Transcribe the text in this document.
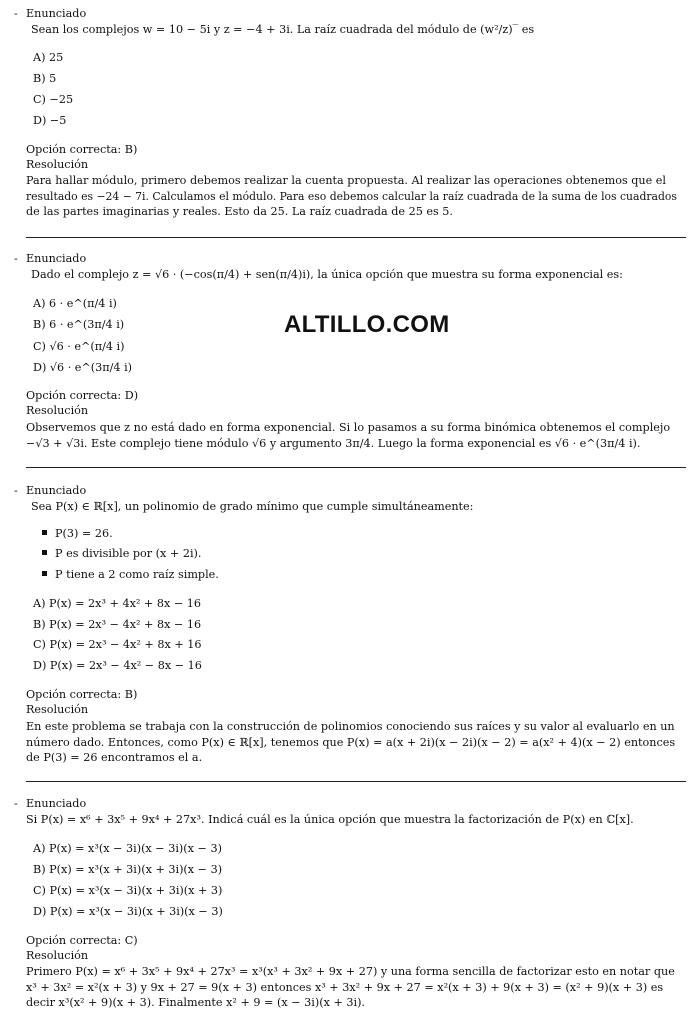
- Enunciado
Sean los complejos w = 10 − 5i y z = −4 + 3i. La raíz cuadrada del módulo de (w²/z)‾ es
A) 25
B) 5
C) −25
D) −5
Opción correcta: B)
Resolución
Para hallar módulo, primero debemos realizar la cuenta propuesta. Al realizar las operaciones obtenemos que el
resultado es −24 − 7i. Calculamos el módulo. Para eso debemos calcular la raíz cuadrada de la suma de los cuadrados
de las partes imaginarias y reales. Esto da 25. La raíz cuadrada de 25 es 5.
- Enunciado
Dado el complejo z = √6 · (−cos(π/4) + sen(π/4)i), la única opción que muestra su forma exponencial es:
A) 6 · e^(π/4 i)
B) 6 · e^(3π/4 i)
C) √6 · e^(π/4 i)
D) √6 · e^(3π/4 i)
ALTILLO.COM
Opción correcta: D)
Resolución
Observemos que z no está dado en forma exponencial. Si lo pasamos a su forma binómica obtenemos el complejo
−√3 + √3i. Este complejo tiene módulo √6 y argumento 3π/4. Luego la forma exponencial es √6 · e^(3π/4 i).
- Enunciado
Sea P(x) ∈ ℝ[x], un polinomio de grado mínimo que cumple simultáneamente:
P(3) = 26.
P es divisible por (x + 2i).
P tiene a 2 como raíz simple.
A) P(x) = 2x³ + 4x² + 8x − 16
B) P(x) = 2x³ − 4x² + 8x − 16
C) P(x) = 2x³ − 4x² + 8x + 16
D) P(x) = 2x³ − 4x² − 8x − 16
Opción correcta: B)
Resolución
En este problema se trabaja con la construcción de polinomios conociendo sus raíces y su valor al evaluarlo en un
número dado. Entonces, como P(x) ∈ ℝ[x], tenemos que P(x) = a(x + 2i)(x − 2i)(x − 2) = a(x² + 4)(x − 2) entonces
de P(3) = 26 encontramos el a.
- Enunciado
Si P(x) = x⁶ + 3x⁵ + 9x⁴ + 27x³. Indicá cuál es la única opción que muestra la factorización de P(x) en ℂ[x].
A) P(x) = x³(x − 3i)(x − 3i)(x − 3)
B) P(x) = x³(x + 3i)(x + 3i)(x − 3)
C) P(x) = x³(x − 3i)(x + 3i)(x + 3)
D) P(x) = x³(x − 3i)(x + 3i)(x − 3)
Opción correcta: C)
Resolución
Primero P(x) = x⁶ + 3x⁵ + 9x⁴ + 27x³ = x³(x³ + 3x² + 9x + 27) y una forma sencilla de factorizar esto en notar que
x³ + 3x² = x²(x + 3) y 9x + 27 = 9(x + 3) entonces x³ + 3x² + 9x + 27 = x²(x + 3) + 9(x + 3) = (x² + 9)(x + 3) es
decir x³(x² + 9)(x + 3). Finalmente x² + 9 = (x − 3i)(x + 3i).
